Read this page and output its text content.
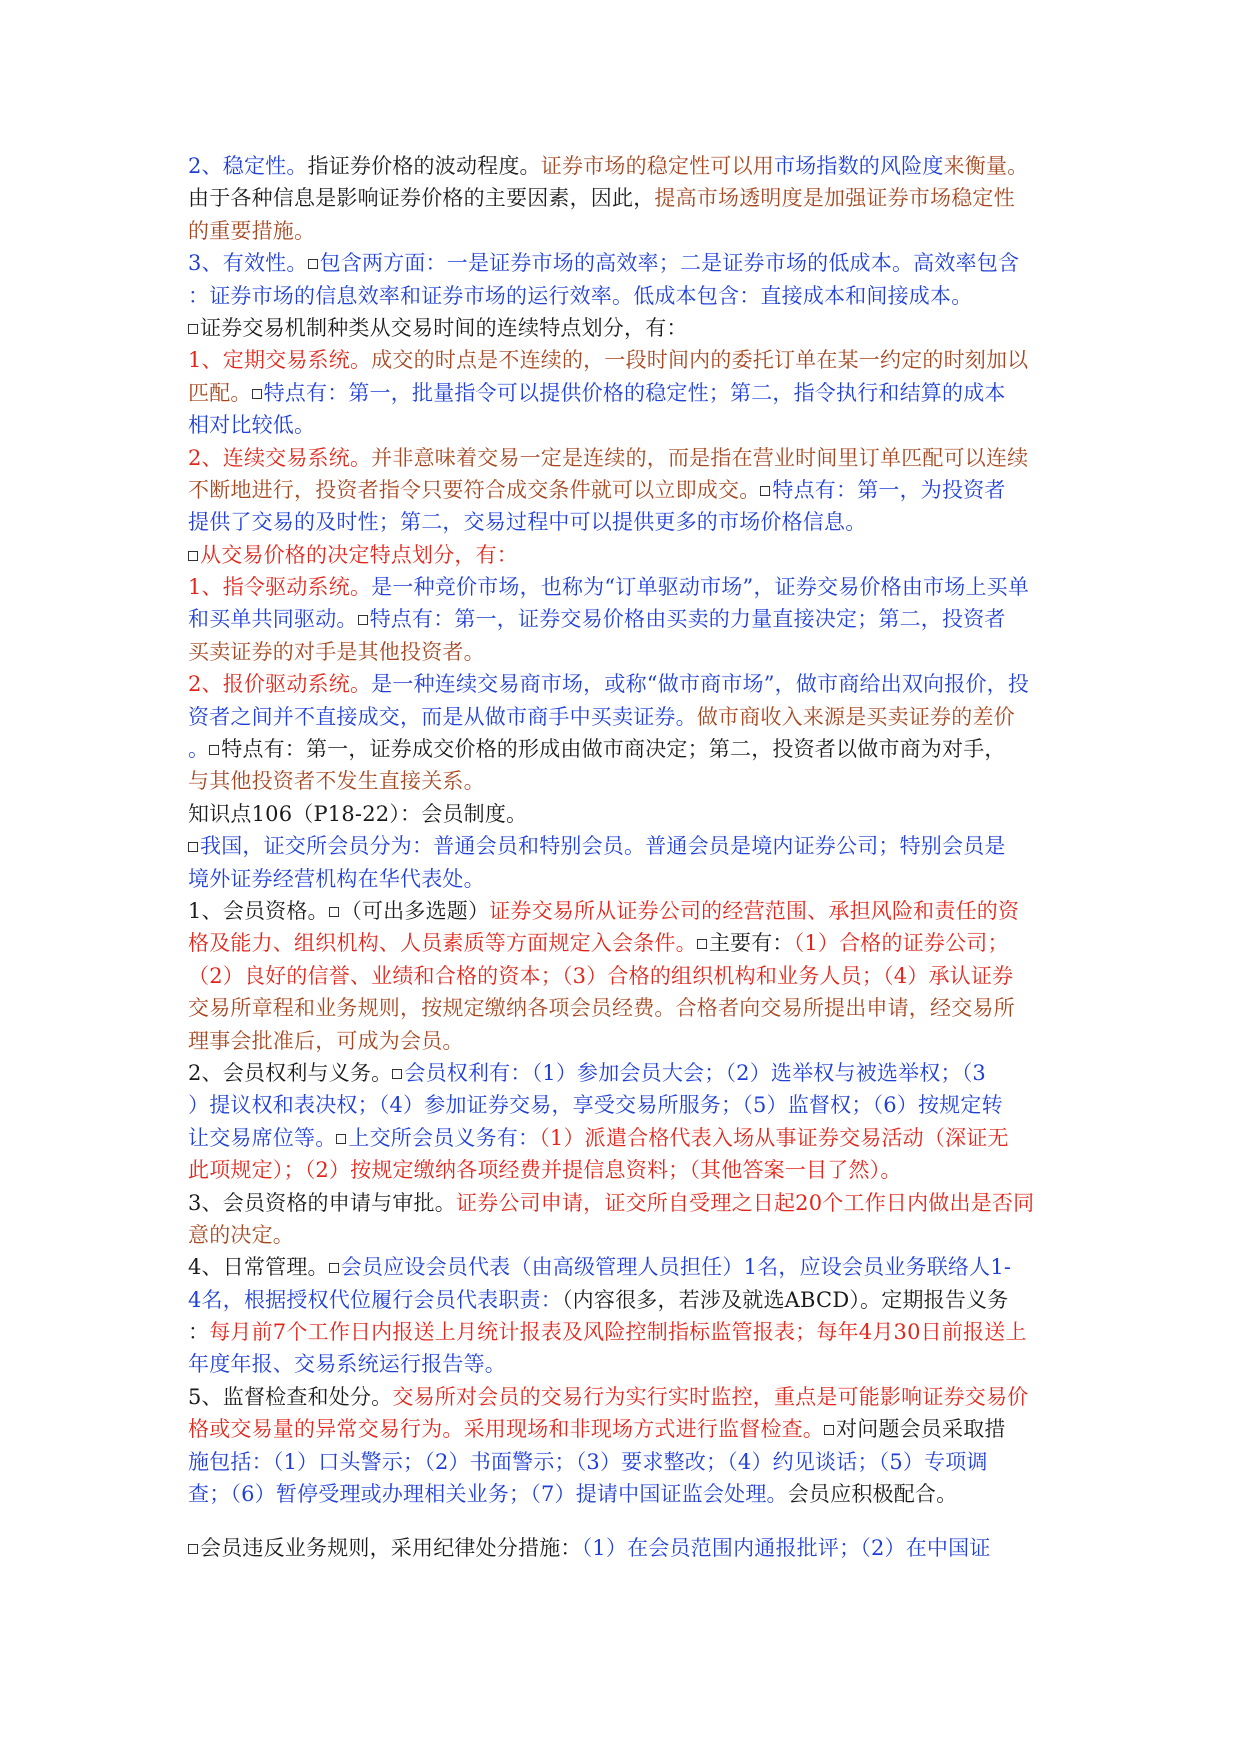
2、稳定性。指证券价格的波动程度。证券市场的稳定性可以用市场指数的风险度来衡量。
由于各种信息是影响证券价格的主要因素，因此，提高市场透明度是加强证券市场稳定性
的重要措施。
3、有效性。 包含两方面：一是证券市场的高效率；二是证券市场的低成本。高效率包含
：证券市场的信息效率和证券市场的运行效率。低成本包含：直接成本和间接成本。
证券交易机制种类从交易时间的连续特点划分，有：
1、定期交易系统。成交的时点是不连续的，一段时间内的委托订单在某一约定的时刻加以
匹配。 特点有：第一，批量指令可以提供价格的稳定性；第二，指令执行和结算的成本
相对比较低。
2、连续交易系统。并非意味着交易一定是连续的，而是指在营业时间里订单匹配可以连续
不断地进行，投资者指令只要符合成交条件就可以立即成交。 特点有：第一，为投资者
提供了交易的及时性；第二，交易过程中可以提供更多的市场价格信息。
从交易价格的决定特点划分，有：
1、指令驱动系统。是一种竞价市场，也称为“订单驱动市场”，证券交易价格由市场上买单
和买单共同驱动。 特点有：第一，证券交易价格由买卖的力量直接决定；第二，投资者
买卖证券的对手是其他投资者。
2、报价驱动系统。是一种连续交易商市场，或称“做市商市场”，做市商给出双向报价，投
资者之间并不直接成交，而是从做市商手中买卖证券。做市商收入来源是买卖证券的差价
。 特点有：第一，证券成交价格的形成由做市商决定；第二，投资者以做市商为对手，
与其他投资者不发生直接关系。
知识点106（P18-22）：会员制度。
我国，证交所会员分为：普通会员和特别会员。普通会员是境内证券公司；特别会员是
境外证券经营机构在华代表处。
1、会员资格。 （可出多选题）证券交易所从证券公司的经营范围、承担风险和责任的资
格及能力、组织机构、人员素质等方面规定入会条件。 主要有：（1）合格的证券公司；
（2）良好的信誉、业绩和合格的资本；（3）合格的组织机构和业务人员；（4）承认证券
交易所章程和业务规则，按规定缴纳各项会员经费。合格者向交易所提出申请，经交易所
理事会批准后，可成为会员。
2、会员权利与义务。 会员权利有：（1）参加会员大会；（2）选举权与被选举权；（3
）提议权和表决权；（4）参加证券交易，享受交易所服务；（5）监督权；（6）按规定转
让交易席位等。 上交所会员义务有：（1）派遣合格代表入场从事证券交易活动（深证无
此项规定）；（2）按规定缴纳各项经费并提信息资料；（其他答案一目了然）。
3、会员资格的申请与审批。证券公司申请，证交所自受理之日起20个工作日内做出是否同
意的决定。
4、日常管理。 会员应设会员代表（由高级管理人员担任）1名，应设会员业务联络人1-
4名，根据授权代位履行会员代表职责：（内容很多，若涉及就选ABCD）。定期报告义务
：每月前7个工作日内报送上月统计报表及风险控制指标监管报表；每年4月30日前报送上
年度年报、交易系统运行报告等。
5、监督检查和处分。交易所对会员的交易行为实行实时监控，重点是可能影响证券交易价
格或交易量的异常交易行为。采用现场和非现场方式进行监督检查。 对问题会员采取措
施包括：（1）口头警示；（2）书面警示；（3）要求整改；（4）约见谈话；（5）专项调
查；（6）暂停受理或办理相关业务；（7）提请中国证监会处理。会员应积极配合。
会员违反业务规则，采用纪律处分措施：（1）在会员范围内通报批评；（2）在中国证
